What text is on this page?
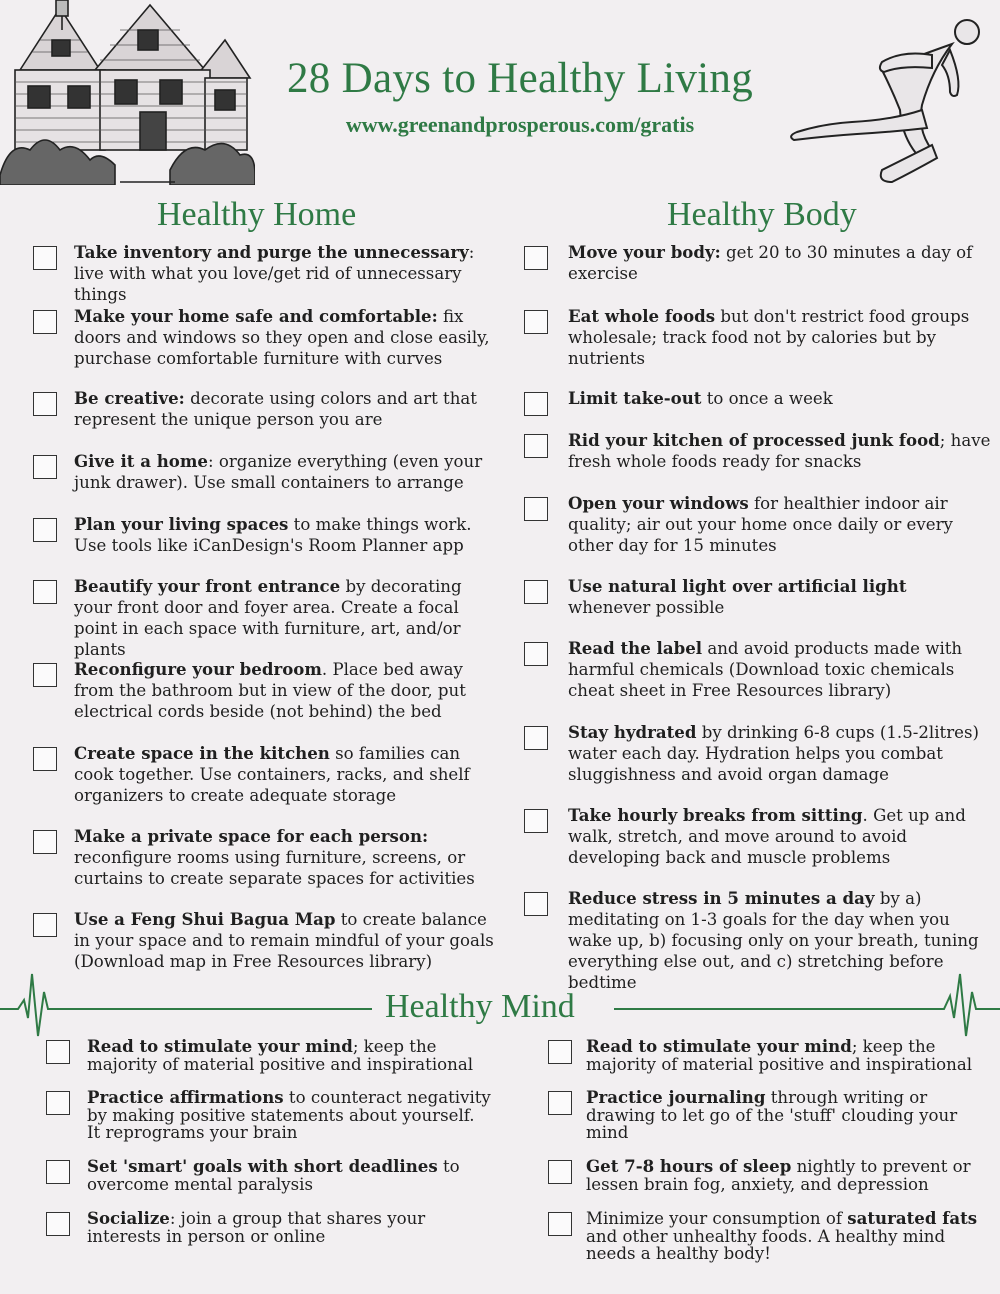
28 Days to Healthy Living
www.greenandprosperous.com/gratis
Healthy Home	Healthy Body
Take inventory and purge the unnecessary: live with what you love/get rid of unnecessary things
Make your home safe and comfortable: fix doors and windows so they open and close easily, purchase comfortable furniture with curves
Be creative: decorate using colors and art that represent the unique person you are
Give it a home: organize everything (even your junk drawer). Use small containers to arrange
Plan your living spaces to make things work. Use tools like iCanDesign's Room Planner app
Beautify your front entrance by decorating your front door and foyer area. Create a focal point in each space with furniture, art, and/or plants
Reconfigure your bedroom. Place bed away from the bathroom but in view of the door, put electrical cords beside (not behind) the bed
Create space in the kitchen so families can cook together. Use containers, racks, and shelf organizers to create adequate storage
Make a private space for each person: reconfigure rooms using furniture, screens, or curtains to create separate spaces for activities
Use a Feng Shui Bagua Map to create balance in your space and to remain mindful of your goals (Download map in Free Resources library)
Move your body: get 20 to 30 minutes a day of exercise
Eat whole foods but don't restrict food groups wholesale; track food not by calories but by nutrients
Limit take-out to once a week
Rid your kitchen of processed junk food; have fresh whole foods ready for snacks
Open your windows for healthier indoor air quality; air out your home once daily or every other day for 15 minutes
Use natural light over artificial light whenever possible
Read the label and avoid products made with harmful chemicals (Download toxic chemicals cheat sheet in Free Resources library)
Stay hydrated by drinking 6-8 cups (1.5-2litres) water each day. Hydration helps you combat sluggishness and avoid organ damage
Take hourly breaks from sitting. Get up and walk, stretch, and move around to avoid developing back and muscle problems
Reduce stress in 5 minutes a day by a) meditating on 1-3 goals for the day when you wake up, b) focusing only on your breath, tuning everything else out, and c) stretching before bedtime
Healthy Mind
Read to stimulate your mind; keep the majority of material positive and inspirational
Practice affirmations to counteract negativity by making positive statements about yourself. It reprograms your brain
Set 'smart' goals with short deadlines to overcome mental paralysis
Socialize: join a group that shares your interests in person or online
Read to stimulate your mind; keep the majority of material positive and inspirational
Practice journaling through writing or drawing to let go of the 'stuff' clouding your mind
Get 7-8 hours of sleep nightly to prevent or lessen brain fog, anxiety, and depression
Minimize your consumption of saturated fats and other unhealthy foods. A healthy mind needs a healthy body!
